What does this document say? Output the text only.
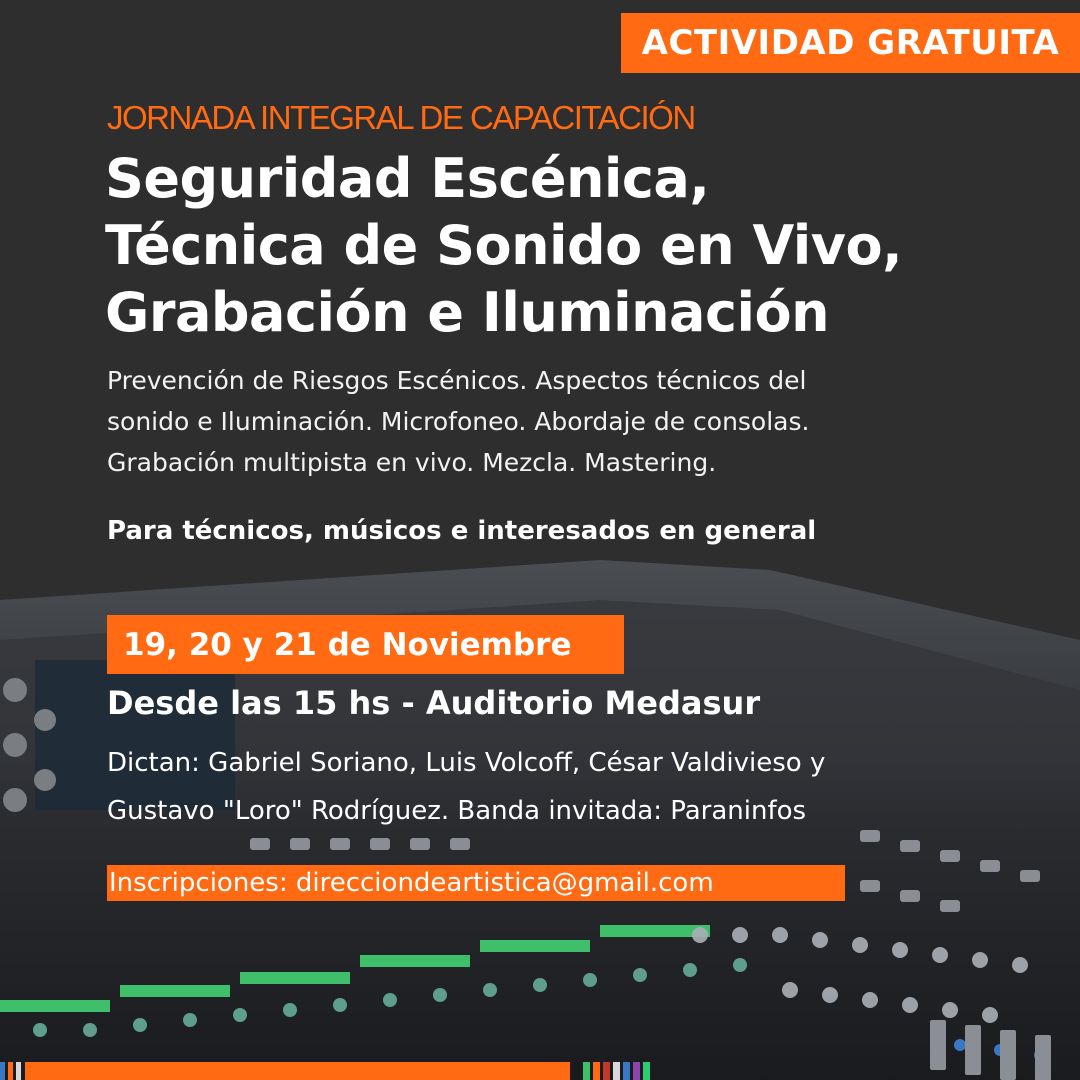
ACTIVIDAD GRATUITA
JORNADA INTEGRAL DE CAPACITACIÓN
Seguridad Escénica,
Técnica de Sonido en Vivo,
Grabación e Iluminación
Prevención de Riesgos Escénicos. Aspectos técnicos del
sonido e Iluminación. Microfoneo. Abordaje de consolas.
Grabación multipista en vivo. Mezcla. Mastering.
Para técnicos, músicos e interesados en general
19, 20 y 21 de Noviembre
Desde las 15 hs - Auditorio Medasur
Dictan: Gabriel Soriano, Luis Volcoff, César Valdivieso y
Gustavo "Loro" Rodríguez. Banda invitada: Paraninfos
Inscripciones: direcciondeartistica@gmail.com
